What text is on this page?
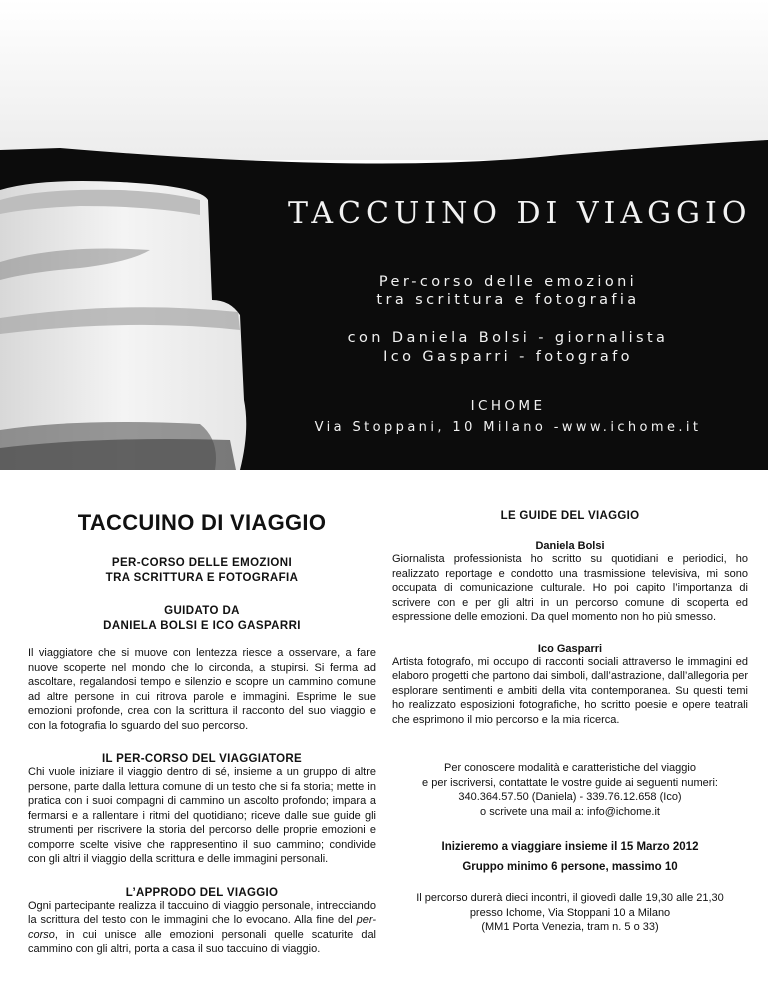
TACCUINO DI VIAGGIO
Per-corso delle emozioni
tra scrittura e fotografia
con Daniela Bolsi - giornalista
Ico Gasparri - fotografo
ICHOME
Via Stoppani, 10 Milano -www.ichome.it
TACCUINO DI VIAGGIO
PER-CORSO DELLE EMOZIONI
TRA SCRITTURA E FOTOGRAFIA
GUIDATO DA
DANIELA BOLSI E ICO GASPARRI

Il viaggiatore che si muove con lentezza riesce a osservare, a fare nuove scoperte nel mondo che lo circonda, a stupirsi. Si ferma ad ascoltare, regalandosi tempo e silenzio e scopre un cammino comune ad altre persone in cui ritrova parole e immagini. Esprime le sue emozioni profonde, crea con la scrittura il racconto del suo viaggio e con la fotografia lo sguardo del suo percorso.

IL PER-CORSO DEL VIAGGIATORE

Chi vuole iniziare il viaggio dentro di sé, insieme a un gruppo di altre persone, parte dalla lettura comune di un testo che si fa storia; mette in pratica con i suoi compagni di cammino un ascolto profondo; impara a fermarsi e a rallentare i ritmi del quotidiano; riceve dalle sue guide gli strumenti per riscrivere la storia del percorso delle proprie emozioni e comporre scelte visive che rappresentino il suo cammino; condivide con gli altri il viaggio della scrittura e delle immagini personali.

L’APPRODO DEL VIAGGIO

Ogni partecipante realizza il taccuino di viaggio personale, intrecciando la scrittura del testo con le immagini che lo evocano. Alla fine del per-corso, in cui unisce alle emozioni personali quelle scaturite dal cammino con gli altri, porta a casa il suo taccuino di viaggio.

LE GUIDE DEL VIAGGIO
Daniela Bolsi

Giornalista professionista ho scritto su quotidiani e periodici, ho realizzato reportage e condotto una trasmissione televisiva, mi sono occupata di comunicazione culturale. Ho poi capito l’importanza di scrivere con e per gli altri in un percorso comune di scoperta ed espressione delle emozioni. Da quel momento non ho più smesso.

Ico Gasparri

Artista fotografo, mi occupo di racconti sociali attraverso le immagini ed elaboro progetti che partono dai simboli, dall’astrazione, dall’allegoria per esplorare sentimenti e ambiti della vita contemporanea. Su questi temi ho realizzato esposizioni fotografiche, ho scritto poesie e opere teatrali che esprimono il mio percorso e la mia ricerca.

Per conoscere modalità e caratteristiche del viaggio
e per iscriversi, contattate le vostre guide ai seguenti numeri:
340.364.57.50 (Daniela) - 339.76.12.658 (Ico)
o scrivete una mail a: info@ichome.it
Inizieremo a viaggiare insieme il 15 Marzo 2012
Gruppo minimo 6 persone, massimo 10
Il percorso durerà dieci incontri, il giovedì dalle 19,30 alle 21,30
presso Ichome, Via Stoppani 10 a Milano
(MM1 Porta Venezia, tram n. 5 o 33)
